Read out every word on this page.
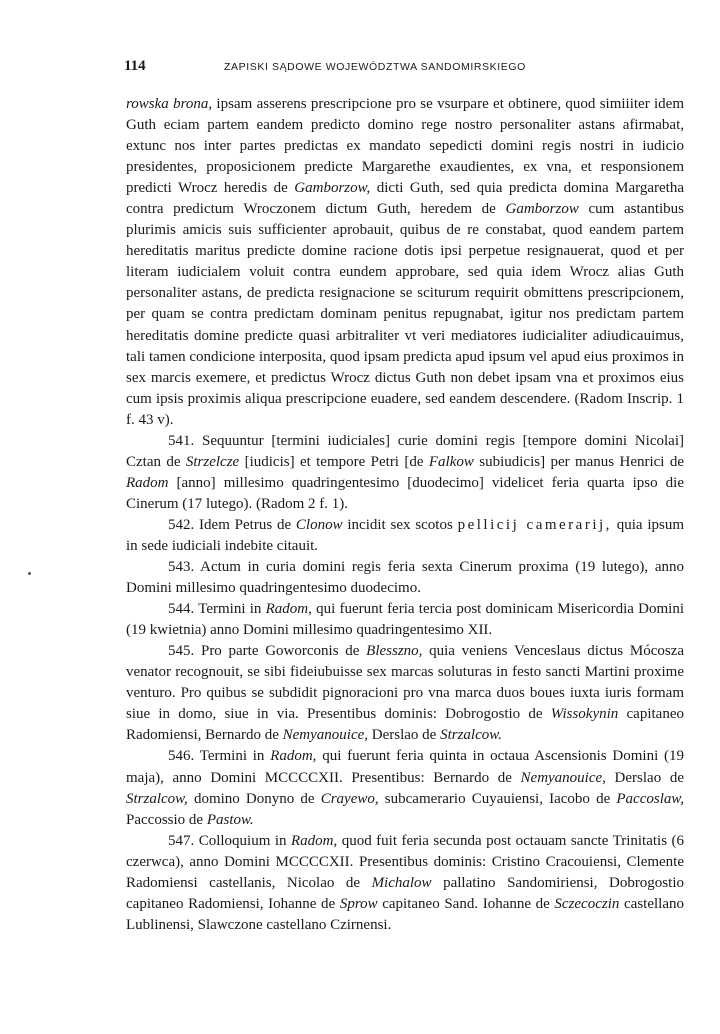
114	ZAPISKI SĄDOWE WOJEWÓDZTWA SANDOMIRSKIEGO

rowska brona, ipsam asserens prescripcione pro se vsurpare et obtinere, quod simiiiter idem Guth eciam partem eandem predicto domino rege nostro personaliter astans afirmabat, extunc nos inter partes predictas ex mandato sepedicti domini regis nostri in iudicio presidentes, proposicionem predicte Margarethe exaudientes, ex vna, et responsionem predicti Wrocz heredis de Gamborzow, dicti Guth, sed quia predicta domina Margaretha contra predictum Wroczonem dictum Guth, heredem de Gamborzow cum astantibus plurimis amicis suis sufficienter aprobauit, quibus de re constabat, quod eandem partem hereditatis maritus predicte domine racione dotis ipsi perpetue resignauerat, quod et per literam iudicialem voluit contra eundem approbare, sed quia idem Wrocz alias Guth personaliter astans, de predicta resignacione se sciturum requirit obmittens prescripcionem, per quam se contra predictam dominam penitus repugnabat, igitur nos predictam partem hereditatis domine predicte quasi arbitraliter vt veri mediatores iudicialiter adiudicauimus, tali tamen condicione interposita, quod ipsam predicta apud ipsum vel apud eius proximos in sex marcis exemere, et predictus Wrocz dictus Guth non debet ipsam vna et proximos eius cum ipsis proximis aliqua prescripcione euadere, sed eandem descendere. (Radom Inscrip. 1 f. 43 v).

541. Sequuntur [termini iudiciales] curie domini regis [tempore domini Nicolai] Cztan de Strzelcze [iudicis] et tempore Petri [de Falkow subiudicis] per manus Henrici de Radom [anno] millesimo quadringentesimo [duodecimo] videlicet feria quarta ipso die Cinerum (17 lutego). (Radom 2 f. 1).

542. Idem Petrus de Clonow incidit sex scotos pellicij camerarij, quia ipsum in sede iudiciali indebite citauit.

543. Actum in curia domini regis feria sexta Cinerum proxima (19 lutego), anno Domini millesimo quadringentesimo duodecimo.

544. Termini in Radom, qui fuerunt feria tercia post dominicam Misericordia Domini (19 kwietnia) anno Domini millesimo quadringentesimo XII.

545. Pro parte Goworconis de Blesszno, quia veniens Venceslaus dictus Mócosza venator recognouit, se sibi fideiubuisse sex marcas soluturas in festo sancti Martini proxime venturo. Pro quibus se subdidit pignoracioni pro vna marca duos boues iuxta iuris formam siue in domo, siue in via. Presentibus dominis: Dobrogostio de Wissokynin capitaneo Radomiensi, Bernardo de Nemyanouice, Derslao de Strzalcow.

546. Termini in Radom, qui fuerunt feria quinta in octaua Ascensionis Domini (19 maja), anno Domini MCCCCXII. Presentibus: Bernardo de Nemyanouice, Derslao de Strzalcow, domino Donyno de Crayewo, subcamerario Cuyauiensi, Iacobo de Paccoslaw, Paccossio de Pastow.

547. Colloquium in Radom, quod fuit feria secunda post octauam sancte Trinitatis (6 czerwca), anno Domini MCCCCXII. Presentibus dominis: Cristino Cracouiensi, Clemente Radomiensi castellanis, Nicolao de Michalow pallatino Sandomiriensi, Dobrogostio capitaneo Radomiensi, Iohanne de Sprow capitaneo Sand. Iohanne de Sczecoczin castellano Lublinensi, Slawczone castellano Czirnensi.
